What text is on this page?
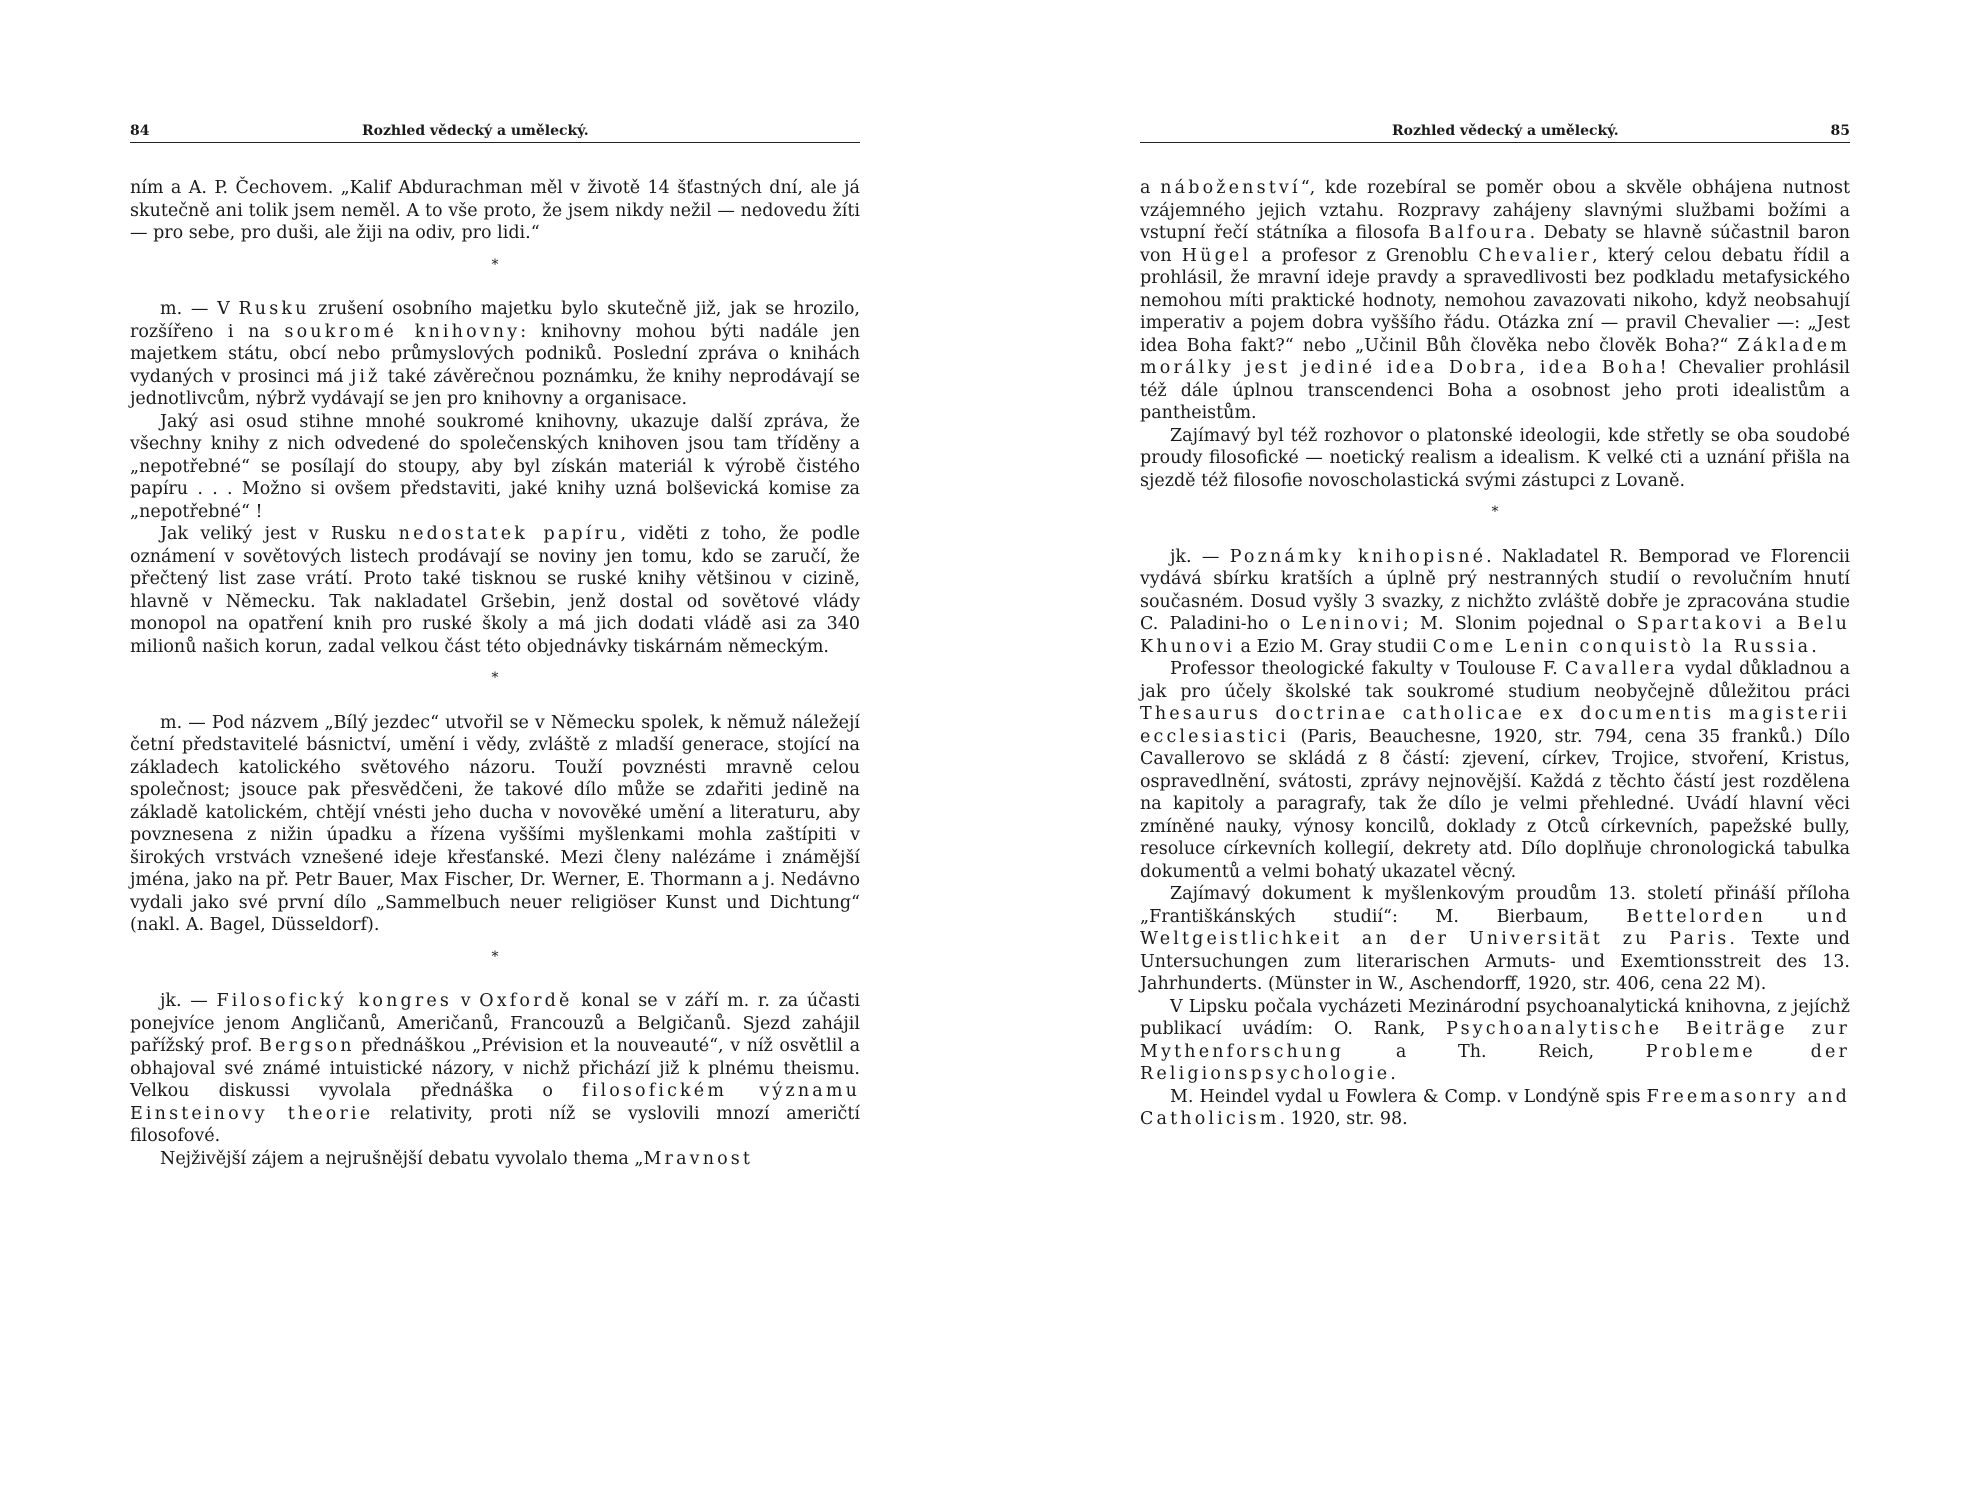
84	Rozhled vědecký a umělecký.

ním a A. P. Čechovem. „Kalif Abdurachman měl v životě 14 šťastných dní, ale já skutečně ani tolik jsem neměl. A to vše proto, že jsem nikdy nežil — nedovedu žíti — pro sebe, pro duši, ale žiji na odiv, pro lidi.“

*

m. — V Rusku zrušení osobního majetku bylo skutečně již, jak se hrozilo, rozšířeno i na soukromé knihovny: knihovny mohou býti nadále jen majetkem státu, obcí nebo průmyslových podniků. Poslední zpráva o knihách vydaných v prosinci má již také závěrečnou poznámku, že knihy neprodávají se jednotlivcům, nýbrž vydávají se jen pro knihovny a organisace.

Jaký asi osud stihne mnohé soukromé knihovny, ukazuje další zpráva, že všechny knihy z nich odvedené do společenských knihoven jsou tam tříděny a „nepotřebné“ se posílají do stoupy, aby byl získán materiál k výrobě čistého papíru . . . Možno si ovšem představiti, jaké knihy uzná bolševická komise za „nepotřebné“ !

Jak veliký jest v Rusku nedostatek papíru, viděti z toho, že podle oznámení v sovětových listech prodávají se noviny jen tomu, kdo se zaručí, že přečtený list zase vrátí. Proto také tisknou se ruské knihy většinou v cizině, hlavně v Německu. Tak nakladatel Gršebin, jenž dostal od sovětové vlády monopol na opatření knih pro ruské školy a má jich dodati vládě asi za 340 milionů našich korun, zadal velkou část této objednávky tiskárnám německým.

*

m. — Pod názvem „Bílý jezdec“ utvořil se v Německu spolek, k němuž náležejí četní představitelé básnictví, umění i vědy, zvláště z mladší generace, stojící na základech katolického světového názoru. Touží povznésti mravně celou společnost; jsouce pak přesvědčeni, že takové dílo může se zdařiti jedině na základě katolickém, chtějí vnésti jeho ducha v novověké umění a literaturu, aby povznesena z nižin úpadku a řízena vyššími myšlenkami mohla zaštípiti v širokých vrstvách vznešené ideje křesťanské. Mezi členy nalézáme i známější jména, jako na př. Petr Bauer, Max Fischer, Dr. Werner, E. Thormann a j. Nedávno vydali jako své první dílo „Sammelbuch neuer religiöser Kunst und Dichtung“ (nakl. A. Bagel, Düsseldorf).

*

jk. — Filosofický kongres v Oxfordě konal se v září m. r. za účasti ponejvíce jenom Angličanů, Američanů, Francouzů a Belgičanů. Sjezd zahájil pařížský prof. Bergson přednáškou „Prévision et la nouveauté“, v níž osvětlil a obhajoval své známé intuistické názory, v nichž přichází již k plnému theismu. Velkou diskussi vyvolala přednáška o filosofickém významu Einsteinovy theorie relativity, proti níž se vyslovili mnozí američtí filosofové.

Nejživější zájem a nejrušnější debatu vyvolalo thema „Mravnost

Rozhled vědecký a umělecký.	85

a náboženství“, kde rozebíral se poměr obou a skvěle obhájena nutnost vzájemného jejich vztahu. Rozpravy zahájeny slavnými službami božími a vstupní řečí státníka a filosofa Balfoura. Debaty se hlavně súčastnil baron von Hügel a profesor z Grenoblu Chevalier, který celou debatu řídil a prohlásil, že mravní ideje pravdy a spravedlivosti bez podkladu metafysického nemohou míti praktické hodnoty, nemohou zavazovati nikoho, když neobsahují imperativ a pojem dobra vyššího řádu. Otázka zní — pravil Chevalier —: „Jest idea Boha fakt?“ nebo „Učinil Bůh člověka nebo člověk Boha?“ Základem morálky jest jediné idea Dobra, idea Boha! Chevalier prohlásil též dále úplnou transcendenci Boha a osobnost jeho proti idealistům a pantheistům.

Zajímavý byl též rozhovor o platonské ideologii, kde střetly se oba soudobé proudy filosofické — noetický realism a idealism. K velké cti a uznání přišla na sjezdě též filosofie novoscholastická svými zástupci z Lovaně.

*

jk. — Poznámky knihopisné. Nakladatel R. Bemporad ve Florencii vydává sbírku kratších a úplně prý nestranných studií o revolučním hnutí současném. Dosud vyšly 3 svazky, z nichžto zvláště dobře je zpracována studie C. Paladini-ho o Leninovi; M. Slonim pojednal o Spartakovi a Belu Khunovi a Ezio M. Gray studii Come Lenin conquistò la Russia.

Professor theologické fakulty v Toulouse F. Cavallera vydal důkladnou a jak pro účely školské tak soukromé studium neobyčejně důležitou práci Thesaurus doctrinae catholicae ex documentis magisterii ecclesiastici (Paris, Beauchesne, 1920, str. 794, cena 35 franků.) Dílo Cavallerovo se skládá z 8 částí: zjevení, církev, Trojice, stvoření, Kristus, ospravedlnění, svátosti, zprávy nejnovější. Každá z těchto částí jest rozdělena na kapitoly a paragrafy, tak že dílo je velmi přehledné. Uvádí hlavní věci zmíněné nauky, výnosy koncilů, doklady z Otců církevních, papežské bully, resoluce církevních kollegií, dekrety atd. Dílo doplňuje chronologická tabulka dokumentů a velmi bohatý ukazatel věcný.

Zajímavý dokument k myšlenkovým proudům 13. století přináší příloha „Františkánských studií“: M. Bierbaum, Bettelorden und Weltgeistlichkeit an der Universität zu Paris. Texte und Untersuchungen zum literarischen Armuts- und Exemtionsstreit des 13. Jahrhunderts. (Münster in W., Aschendorff, 1920, str. 406, cena 22 M).

V Lipsku počala vycházeti Mezinárodní psychoanalytická knihovna, z jejíchž publikací uvádím: O. Rank, Psychoanalytische Beiträge zur Mythenforschung a Th. Reich, Probleme der Religionspsychologie.

M. Heindel vydal u Fowlera & Comp. v Londýně spis Freemasonry and Catholicism. 1920, str. 98.
